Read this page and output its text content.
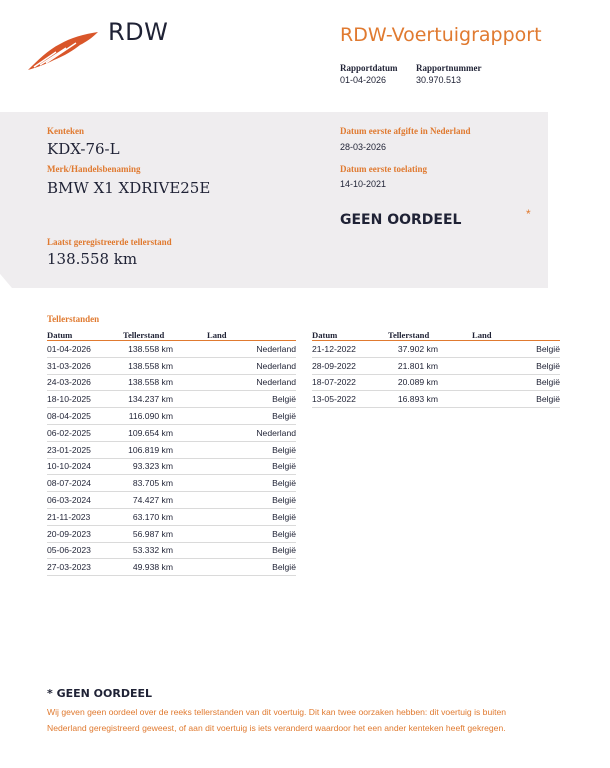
RDW	RDW-Voertuigrapport
Rapportdatum
01-04-2026
Rapportnummer
30.970.513
Kenteken
KDX-76-L
Merk/Handelsbenaming
BMW X1 XDRIVE25E
Laatst geregistreerde tellerstand
138.558 km
Datum eerste afgifte in Nederland
28-03-2026
Datum eerste toelating
14-10-2021
GEEN OORDEEL	*
Tellerstanden
Datum	Tellerstand	Land
01-04-2026	138.558 km	Nederland
31-03-2026	138.558 km	Nederland
24-03-2026	138.558 km	Nederland
18-10-2025	134.237 km	België
08-04-2025	116.090 km	België
06-02-2025	109.654 km	Nederland
23-01-2025	106.819 km	België
10-10-2024	93.323 km	België
08-07-2024	83.705 km	België
06-03-2024	74.427 km	België
21-11-2023	63.170 km	België
20-09-2023	56.987 km	België
05-06-2023	53.332 km	België
27-03-2023	49.938 km	België
Datum	Tellerstand	Land
21-12-2022	37.902 km	België
28-09-2022	21.801 km	België
18-07-2022	20.089 km	België
13-05-2022	16.893 km	België
* GEEN OORDEEL
Wij geven geen oordeel over de reeks tellerstanden van dit voertuig. Dit kan twee oorzaken hebben: dit voertuig is buiten Nederland geregistreerd geweest, of aan dit voertuig is iets veranderd waardoor het een ander kenteken heeft gekregen.
